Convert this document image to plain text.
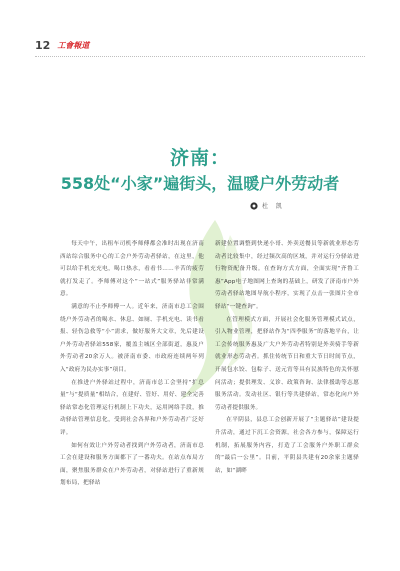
12 工會報道
济南：
558处“小家”遍街头，温暖户外劳动者
杜 凯

每天中午，出租车司机李师傅都会准时出现在济南西站综合服务中心的工会户外劳动者驿站，在这里，他可以给手机充充电，喝口热水，看看书……辛苦的疲劳就打发走了。李师傅对这个“一站式”服务驿站非常满意。

满意的不止李师傅一人。近年来，济南市总工会围绕户外劳动者的喝水、休息、如厕、手机充电、读书看报、轻伤急救等“小”需求，做好服务大文章，先后建设户外劳动者驿站558家，覆盖主城区全部街道，惠及户外劳动者20余万人。被济南市委、市政府连续两年列入“政府为民办实事”项目。

在推进户外驿站过程中，济南市总工会坚持“扩总量”与“提质量”相结合，在建好、管好、用好、建全完善驿站常态化管理运行机制上下功夫，运用网络手段，推动驿站管理信息化，受到社会各界和户外劳动者广泛好评。

如何有效让户外劳动者找到户外劳动者，济南市总工会在建设和服务方面都下了一番功夫。在站点布局方面，聚焦服务群众在户外劳动者，对驿站进行了重新规划布局，把驿站

新建位置调整到快递小哥、外卖送餐员等新就业形态劳动者比较集中，经过频次高的区域，并对运行分驿站进行物资配备升级。在查询方式方面，全面实现“齐鲁工惠”App电子地图网上查询的基础上，研发了济南市户外劳动者驿站地图导航小程序，实现了点击一张图片全市驿站“一键查询”。

在管理模式方面，开展社会化服务管理模式试点，引入物业管理，把驿站作为“四季服务”的落地平台，让工会传统服务惠及广大户外劳动者特别是外卖骑手等新就业形态劳动者。抓住传统节日和重大节日时间节点，开展包水饺、包粽子、送元宵等具有民族特色的关怀慰问活动；提供理发、义诊、政策咨询、法律援助等志愿服务活动。发动社区、银行等共建驿站，常态化向户外劳动者提供服务。

在平阴县，县总工会创新开展了“主题驿站”建设提升活动，通过下沉工会资源，社会各方参与，保障运行机制，拓展服务内容，打造了工会服务户外职工群众的“最后一公里”。目前，平阴县共建有20余家主题驿站，如“湖畔
